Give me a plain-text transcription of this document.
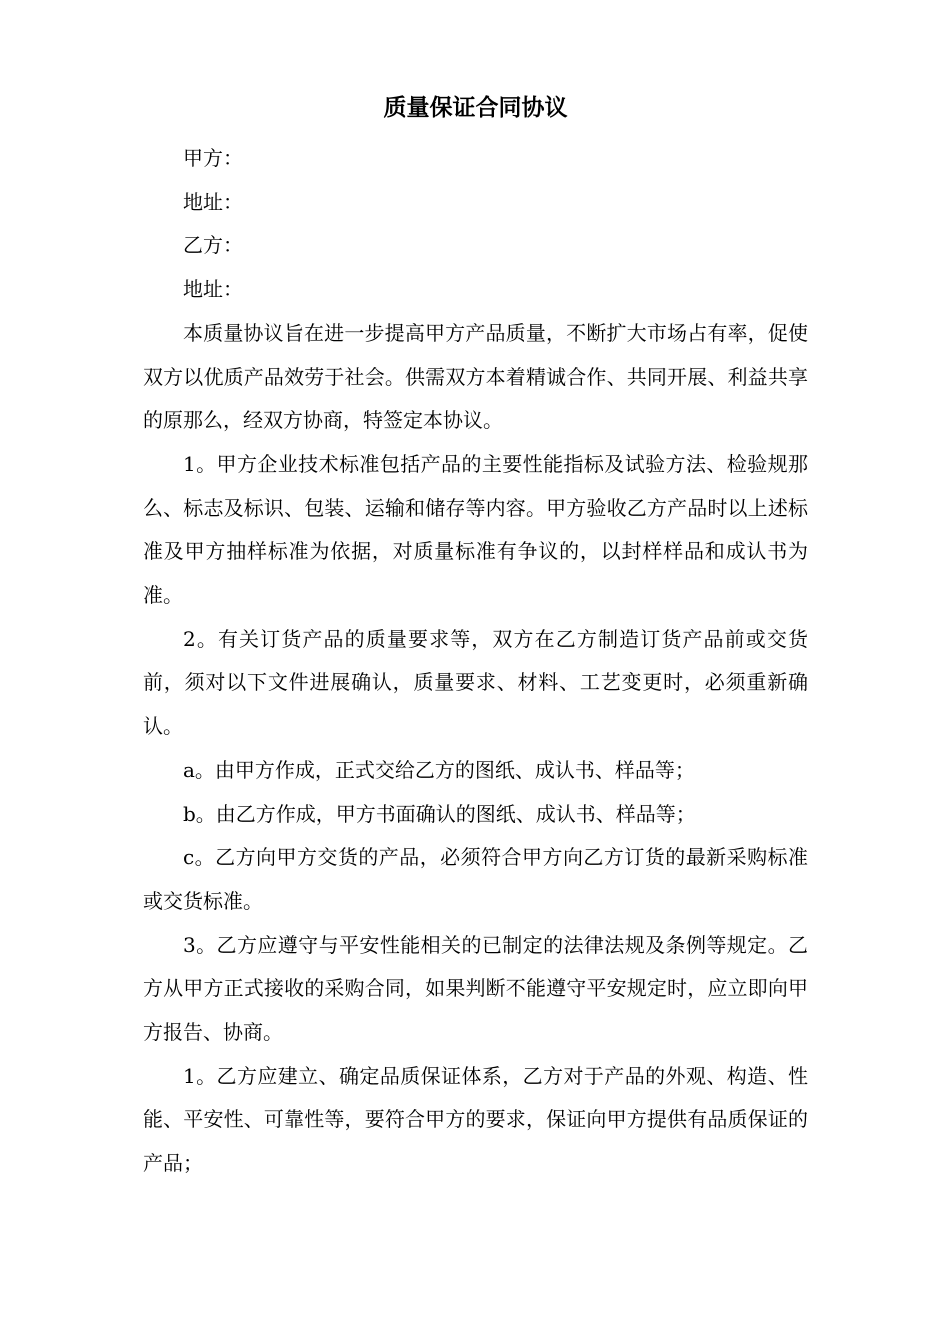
质量保证合同协议

甲方：

地址：

乙方：

地址：

本质量协议旨在进一步提高甲方产品质量，不断扩大市场占有率，促使双方以优质产品效劳于社会。供需双方本着精诚合作、共同开展、利益共享的原那么，经双方协商，特签定本协议。

1。甲方企业技术标准包括产品的主要性能指标及试验方法、检验规那么、标志及标识、包装、运输和储存等内容。甲方验收乙方产品时以上述标准及甲方抽样标准为依据，对质量标准有争议的，以封样样品和成认书为准。

2。有关订货产品的质量要求等，双方在乙方制造订货产品前或交货前，须对以下文件进展确认，质量要求、材料、工艺变更时，必须重新确认。

a。由甲方作成，正式交给乙方的图纸、成认书、样品等；

b。由乙方作成，甲方书面确认的图纸、成认书、样品等；

c。乙方向甲方交货的产品，必须符合甲方向乙方订货的最新采购标准或交货标准。

3。乙方应遵守与平安性能相关的已制定的法律法规及条例等规定。乙方从甲方正式接收的采购合同，如果判断不能遵守平安规定时，应立即向甲方报告、协商。

1。乙方应建立、确定品质保证体系，乙方对于产品的外观、构造、性能、平安性、可靠性等，要符合甲方的要求，保证向甲方提供有品质保证的产品；
